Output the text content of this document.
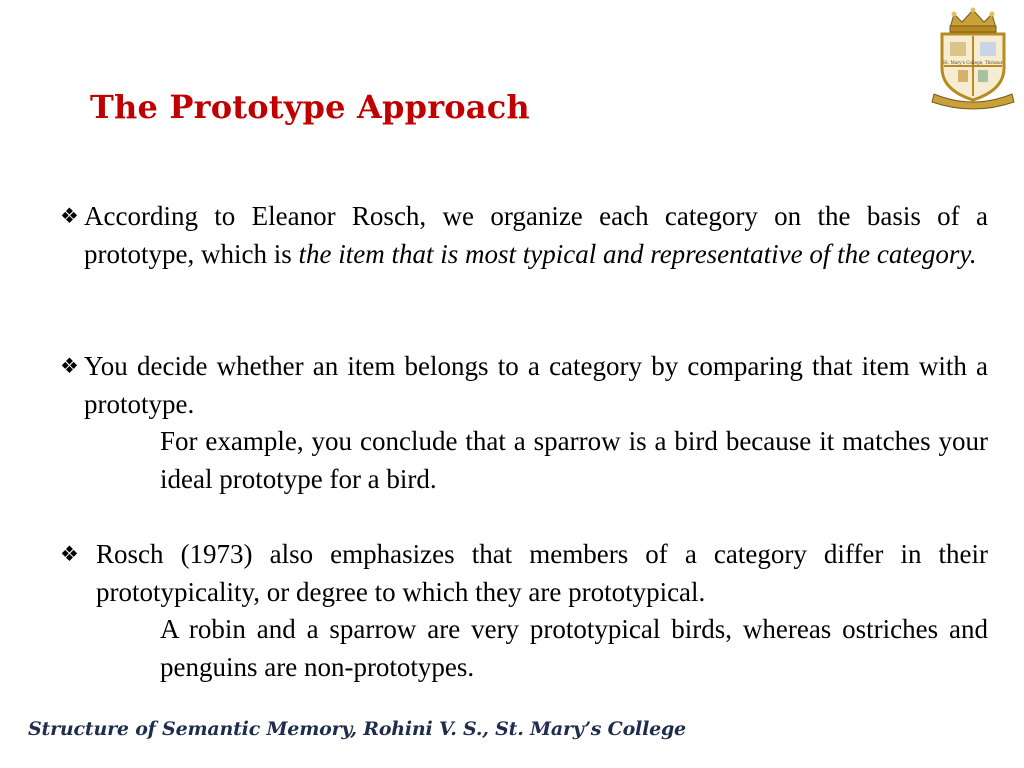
The Prototype Approach
St. Mary's College, Thrissur
❖ According to Eleanor Rosch, we organize each category on the basis of a prototype, which is the item that is most typical and representative of the category.
❖ You decide whether an item belongs to a category by comparing that item with a prototype.
For example, you conclude that a sparrow is a bird because it matches your ideal prototype for a bird.
❖ Rosch (1973) also emphasizes that members of a category differ in their prototypicality, or degree to which they are prototypical.
A robin and a sparrow are very prototypical birds, whereas ostriches and penguins are non-prototypes.
Structure of Semantic Memory, Rohini V. S., St. Mary’s College
